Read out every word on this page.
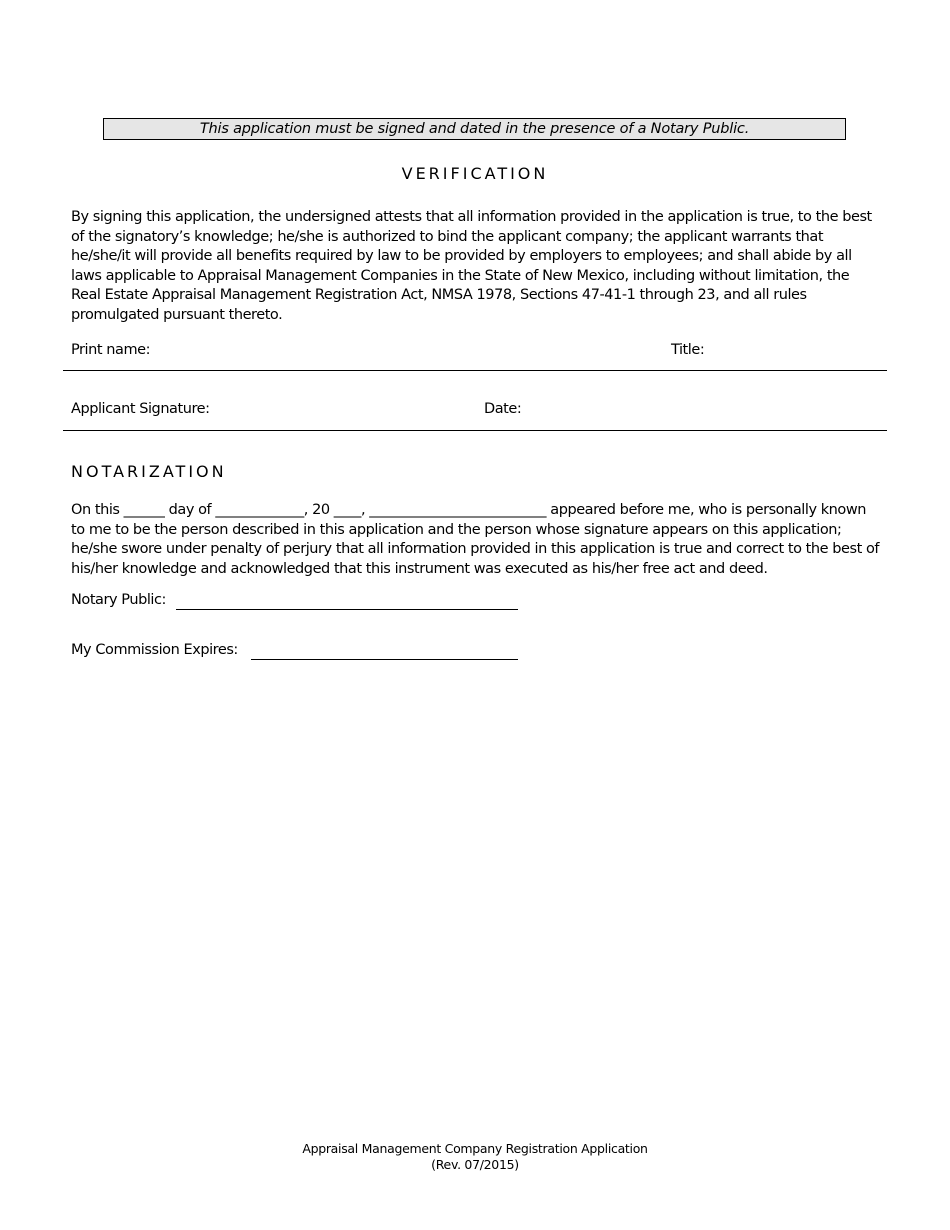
This application must be signed and dated in the presence of a Notary Public.
VERIFICATION
By signing this application, the undersigned attests that all information provided in the application is true, to the best of the signatory’s knowledge; he/she is authorized to bind the applicant company; the applicant warrants that he/she/it will provide all benefits required by law to be provided by employers to employees; and shall abide by all laws applicable to Appraisal Management Companies in the State of New Mexico, including without limitation, the Real Estate Appraisal Management Registration Act, NMSA 1978, Sections 47-41-1 through 23, and all rules promulgated pursuant thereto.
Print name:	Title:
Applicant Signature:	Date:
NOTARIZATION
On this ______ day of _____________, 20 ____, __________________________ appeared before me, who is personally known to me to be the person described in this application and the person whose signature appears on this application; he/she swore under penalty of perjury that all information provided in this application is true and correct to the best of his/her knowledge and acknowledged that this instrument was executed as his/her free act and deed.
Notary Public:
My Commission Expires:
Appraisal Management Company Registration Application
(Rev. 07/2015)
